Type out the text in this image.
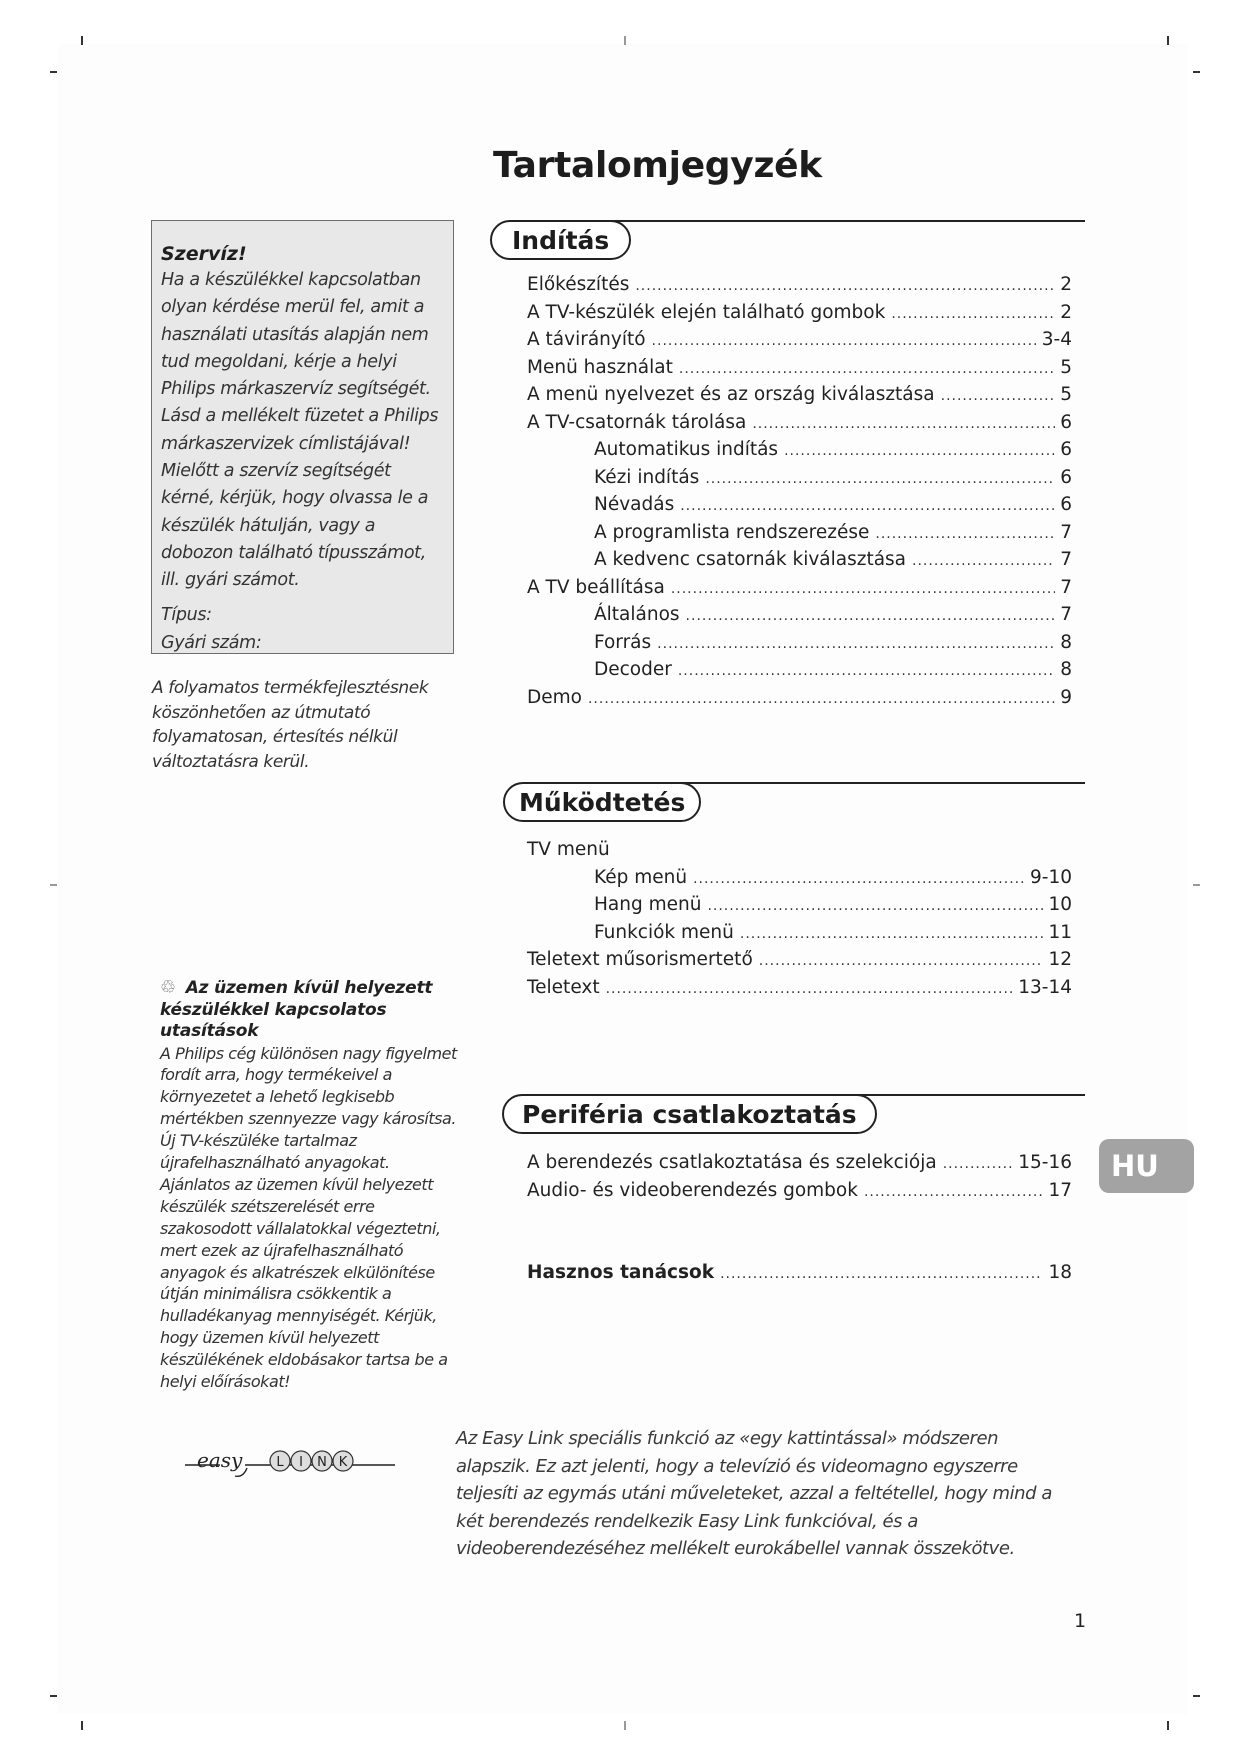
Tartalomjegyzék
Szervíz!
Ha a készülékkel kapcsolatban olyan kérdése merül fel, amit a használati utasítás alapján nem tud megoldani, kérje a helyi Philips márkaszervíz segítségét. Lásd a mellékelt füzetet a Philips márkaszervizek címlistájával! Mielőtt a szervíz segítségét kérné, kérjük, hogy olvassa le a készülék hátulján, vagy a dobozon található típusszámot, ill. gyári számot.
Típus:
Gyári szám:
A folyamatos termékfejlesztésnek köszönhetően az útmutató folyamatosan, értesítés nélkül változtatásra kerül.
♲ Az üzemen kívül helyezett készülékkel kapcsolatos utasítások
A Philips cég különösen nagy figyelmet fordít arra, hogy termékeivel a környezetet a lehető legkisebb mértékben szennyezze vagy károsítsa. Új TV-készüléke tartalmaz újrafelhasználható anyagokat. Ajánlatos az üzemen kívül helyezett készülék szétszerelését erre szakosodott vállalatokkal végeztetni, mert ezek az újrafelhasználható anyagok és alkatrészek elkülönítése útján minimálisra csökkentik a hulladékanyag mennyiségét. Kérjük, hogy üzemen kívül helyezett készülékének eldobásakor tartsa be a helyi előírásokat!
Indítás
Előkészítés .....	2
A TV-készülék elején található gombok .....	2
A távirányító .....	3-4
Menü használat .....	5
A menü nyelvezet és az ország kiválasztása .....	5
A TV-csatornák tárolása .....	6
Automatikus indítás .....	6
Kézi indítás .....	6
Névadás .....	6
A programlista rendszerezése .....	7
A kedvenc csatornák kiválasztása .....	7
A TV beállítása .....	7
Általános .....	7
Forrás .....	8
Decoder .....	8
Demo .....	9
Működtetés
TV menü
Kép menü .....	9-10
Hang menü .....	10
Funkciók menü .....	11
Teletext műsorismertető .....	12
Teletext .....	13-14
Periféria csatlakoztatás
A berendezés csatlakoztatása és szelekciója .....	15-16
Audio- és videoberendezés gombok .....	17
Hasznos tanácsok .....	18
HU
easy	L I N K
Az Easy Link speciális funkció az «egy kattintással» módszeren alapszik. Ez azt jelenti, hogy a televízió és videomagno egyszerre teljesíti az egymás utáni műveleteket, azzal a feltétellel, hogy mind a két berendezés rendelkezik Easy Link funkcióval, és a videoberendezéséhez mellékelt eurokábellel vannak összekötve.
1
